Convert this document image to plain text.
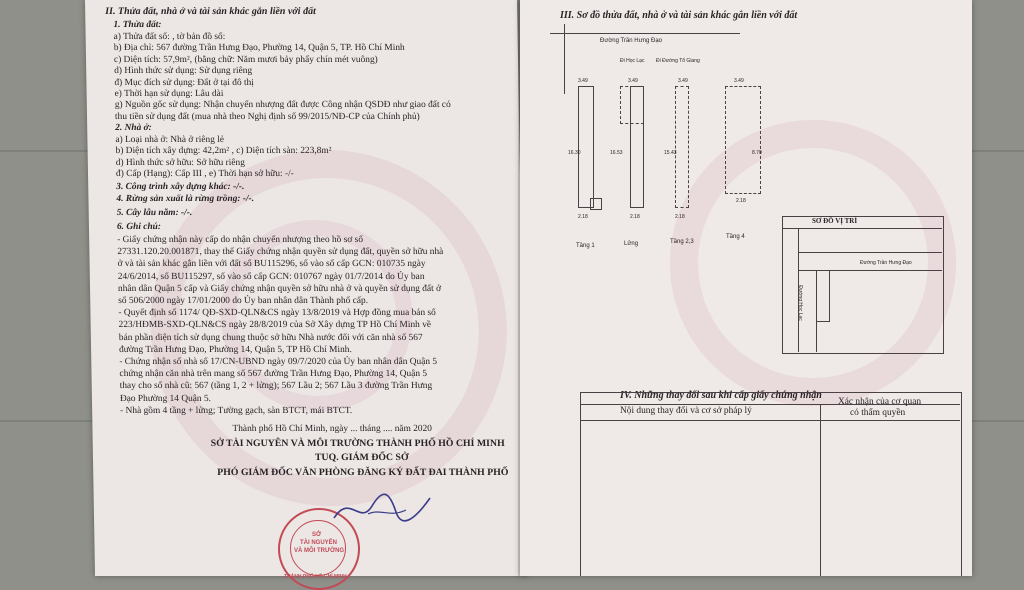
II. Thửa đất, nhà ở và tài sản khác gắn liền với đất
1. Thửa đất:
a) Thửa đất số: , tờ bản đồ số:
b) Địa chỉ: 567 đường Trần Hưng Đạo, Phường 14, Quận 5, TP. Hồ Chí Minh
c) Diện tích: 57,9m², (bằng chữ: Năm mươi bảy phẩy chín mét vuông)
d) Hình thức sử dụng: Sử dụng riêng
đ) Mục đích sử dụng: Đất ở tại đô thị
e) Thời hạn sử dụng: Lâu dài
g) Nguồn gốc sử dụng: Nhận chuyển nhượng đất được Công nhận QSDĐ như giao đất có
thu tiền sử dụng đất (mua nhà theo Nghị định số 99/2015/NĐ-CP của Chính phủ)
2. Nhà ở:
a) Loại nhà ở: Nhà ở riêng lẻ
b) Diện tích xây dựng: 42,2m² , c) Diện tích sàn: 223,8m²
d) Hình thức sở hữu: Sở hữu riêng
đ) Cấp (Hạng): Cấp III , e) Thời hạn sở hữu: -/-
3. Công trình xây dựng khác: -/-.
4. Rừng sản xuất là rừng trồng: -/-.
5. Cây lâu năm: -/-.
6. Ghi chú:
- Giấy chứng nhận này cấp do nhận chuyển nhượng theo hồ sơ số
27331.120.20.001871, thay thế Giấy chứng nhận quyền sử dụng đất, quyền sở hữu nhà
ở và tài sản khác gắn liền với đất số BU115296, số vào sổ cấp GCN: 010735 ngày
24/6/2014, số BU115297, số vào sổ cấp GCN: 010767 ngày 01/7/2014 do Ủy ban
nhân dân Quận 5 cấp và Giấy chứng nhận quyền sở hữu nhà ở và quyền sử dụng đất ở
số 506/2000 ngày 17/01/2000 do Ủy ban nhân dân Thành phố cấp.
- Quyết định số 1174/ QĐ-SXD-QLN&CS ngày 13/8/2019 và Hợp đồng mua bán số
223/HĐMB-SXD-QLN&CS ngày 28/8/2019 của Sở Xây dựng TP Hồ Chí Minh về
bán phần diện tích sử dụng chung thuộc sở hữu Nhà nước đối với căn nhà số 567
đường Trần Hưng Đạo, Phường 14, Quận 5, TP Hồ Chí Minh.
- Chứng nhận số nhà số 17/CN-UBND ngày 09/7/2020 của Ủy ban nhân dân Quận 5
chứng nhận căn nhà trên mang số 567 đường Trần Hưng Đạo, Phường 14, Quận 5
thay cho số nhà cũ: 567 (tầng 1, 2 + lửng); 567 Lầu 2; 567 Lầu 3 đường Trần Hưng
Đạo Phường 14 Quận 5.
- Nhà gồm 4 tầng + lửng; Tường gạch, sàn BTCT, mái BTCT.
Thành phố Hồ Chí Minh, ngày ... tháng .... năm 2020
SỞ TÀI NGUYÊN VÀ MÔI TRƯỜNG THÀNH PHỐ HỒ CHÍ MINH
TUQ. GIÁM ĐỐC SỞ
PHÓ GIÁM ĐỐC VĂN PHÒNG ĐĂNG KÝ ĐẤT ĐAI THÀNH PHỐ
SỞ
TÀI NGUYÊN
VÀ MÔI TRƯỜNG
THÀNH PHỐ HỒ CHÍ MINH
III. Sơ đồ thửa đất, nhà ở và tài sản khác gắn liền với đất
Đường Trần Hưng Đạo
Đi Học Lạc Đi Đường Tổ Giang
3.49	3.49	3.49	3.49
16.30	16.53	15.43	8.70
2.18	2.18	2.18
2.18
Tầng 1	Lửng	Tầng 2,3
Tầng 4
SƠ ĐỒ VỊ TRÍ
Đường Trần Hưng Đạo
Đường Học Lạc
IV. Những thay đổi sau khi cấp giấy chứng nhận
Nội dung thay đổi và cơ sở pháp lý
Xác nhận của cơ quan
có thẩm quyền
